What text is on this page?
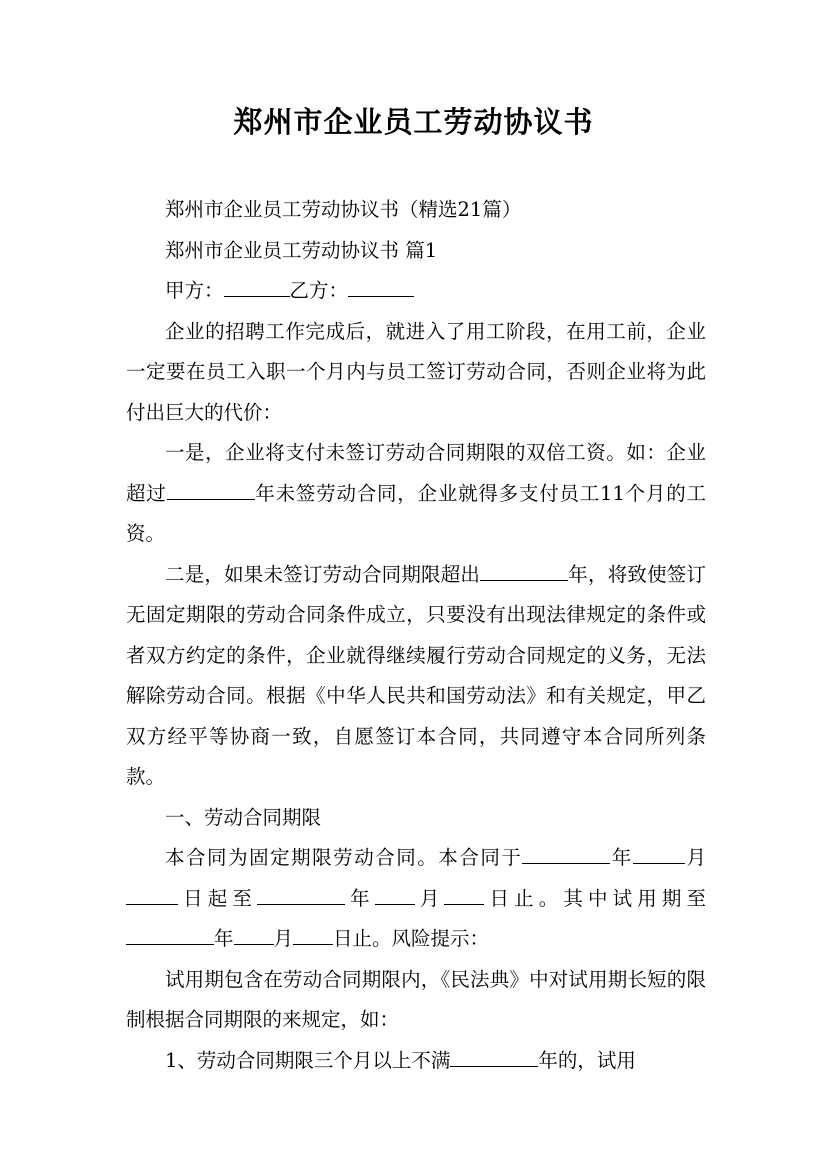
郑州市企业员工劳动协议书

郑州市企业员工劳动协议书（精选21篇）

郑州市企业员工劳动协议书 篇1

甲方：	乙方：

企业的招聘工作完成后，就进入了用工阶段，在用工前，企业一定要在员工入职一个月内与员工签订劳动合同，否则企业将为此付出巨大的代价：

一是，企业将支付未签订劳动合同期限的双倍工资。如：企业超过	年未签劳动合同，企业就得多支付员工11个月的工资。

二是，如果未签订劳动合同期限超出	年，将致使签订无固定期限的劳动合同条件成立，只要没有出现法律规定的条件或者双方约定的条件，企业就得继续履行劳动合同规定的义务，无法解除劳动合同。根据《中华人民共和国劳动法》和有关规定，甲乙双方经平等协商一致，自愿签订本合同，共同遵守本合同所列条款。

一、劳动合同期限

本合同为固定期限劳动合同。本合同于	年	月日起至	年 月 日止。其中试用期至年 月 日止。风险提示：

试用期包含在劳动合同期限内，《民法典》中对试用期长短的限制根据合同期限的来规定，如：

1、劳动合同期限三个月以上不满	年的，试用
